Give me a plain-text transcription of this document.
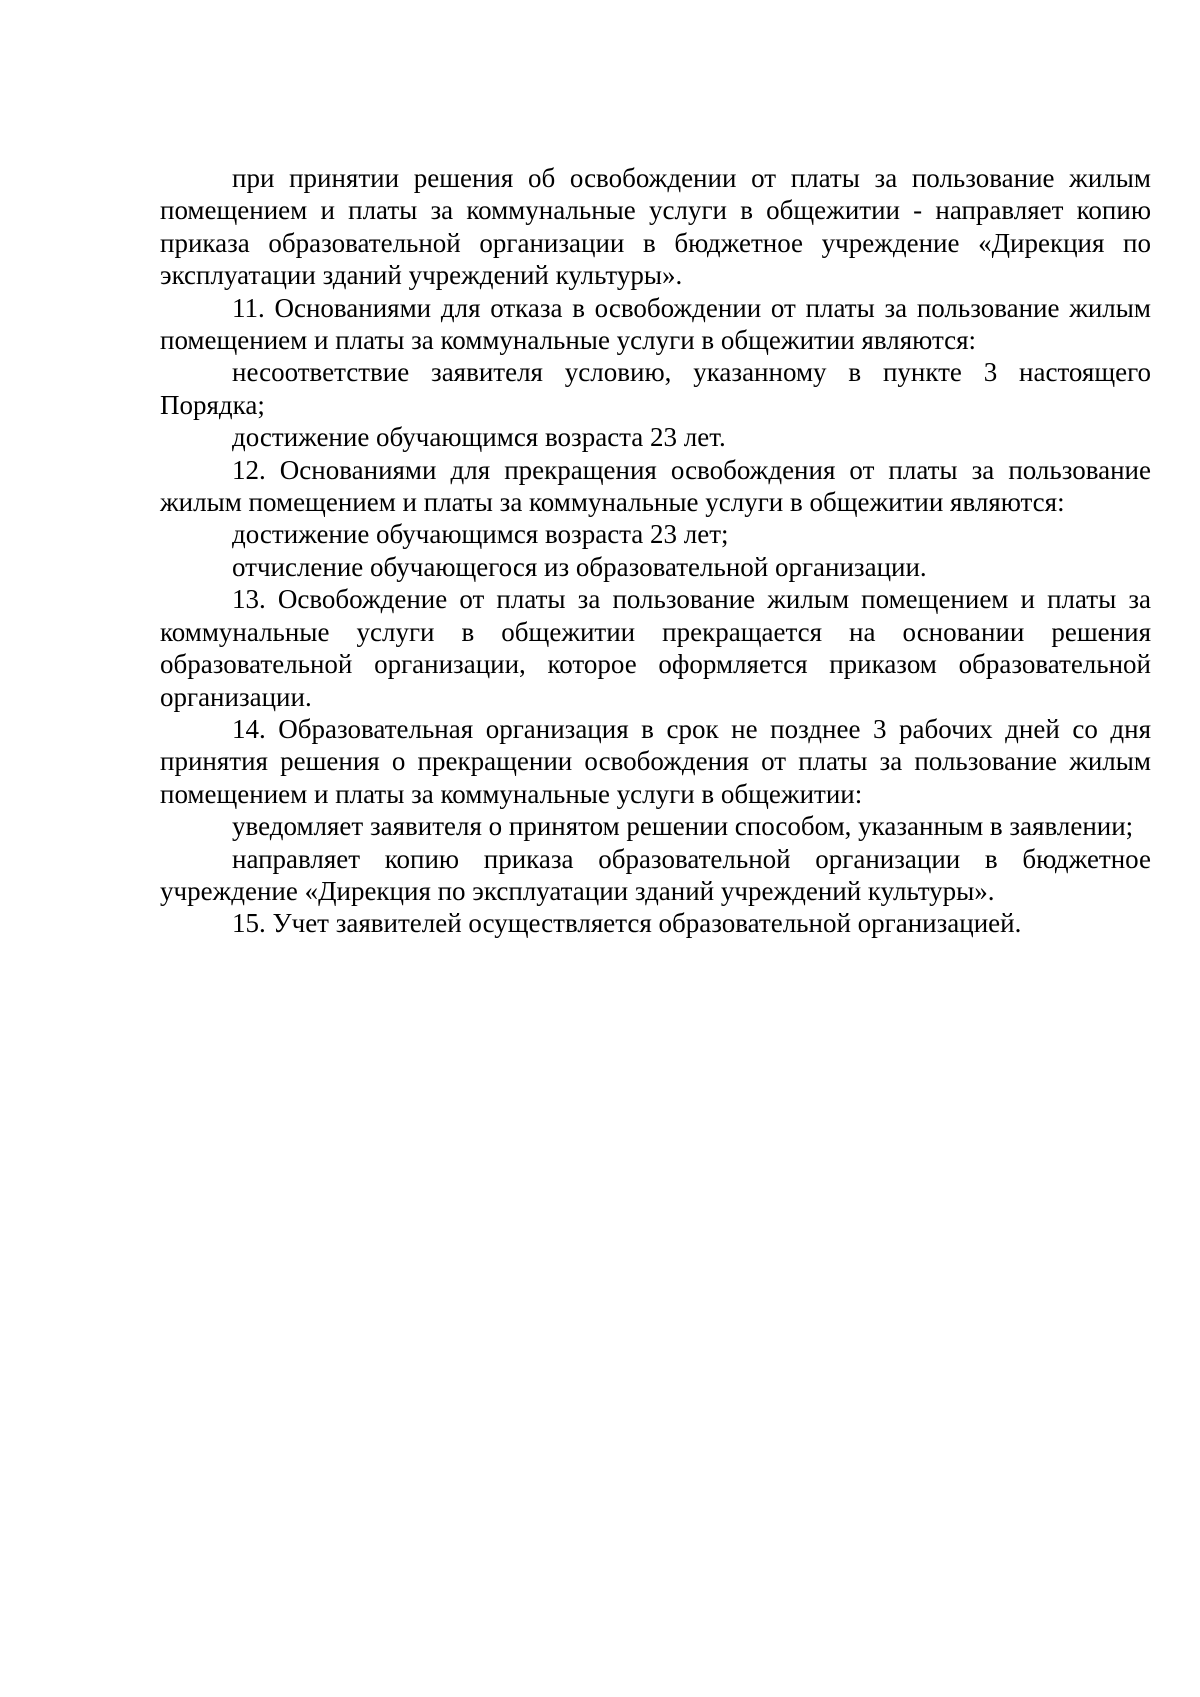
при принятии решения об освобождении от платы за пользование жилым помещением и платы за коммунальные услуги в общежитии - направляет копию приказа образовательной организации в бюджетное учреждение «Дирекция по эксплуатации зданий учреждений культуры».

11. Основаниями для отказа в освобождении от платы за пользование жилым помещением и платы за коммунальные услуги в общежитии являются:

несоответствие заявителя условию, указанному в пункте 3 настоящего Порядка;

достижение обучающимся возраста 23 лет.

12. Основаниями для прекращения освобождения от платы за пользование жилым помещением и платы за коммунальные услуги в общежитии являются:

достижение обучающимся возраста 23 лет;

отчисление обучающегося из образовательной организации.

13. Освобождение от платы за пользование жилым помещением и платы за коммунальные услуги в общежитии прекращается на основании решения образовательной организации, которое оформляется приказом образовательной организации.

14. Образовательная организация в срок не позднее 3 рабочих дней со дня принятия решения о прекращении освобождения от платы за пользование жилым помещением и платы за коммунальные услуги в общежитии:

уведомляет заявителя о принятом решении способом, указанным в заявлении;

направляет копию приказа образовательной организации в бюджетное учреждение «Дирекция по эксплуатации зданий учреждений культуры».

15. Учет заявителей осуществляется образовательной организацией.
